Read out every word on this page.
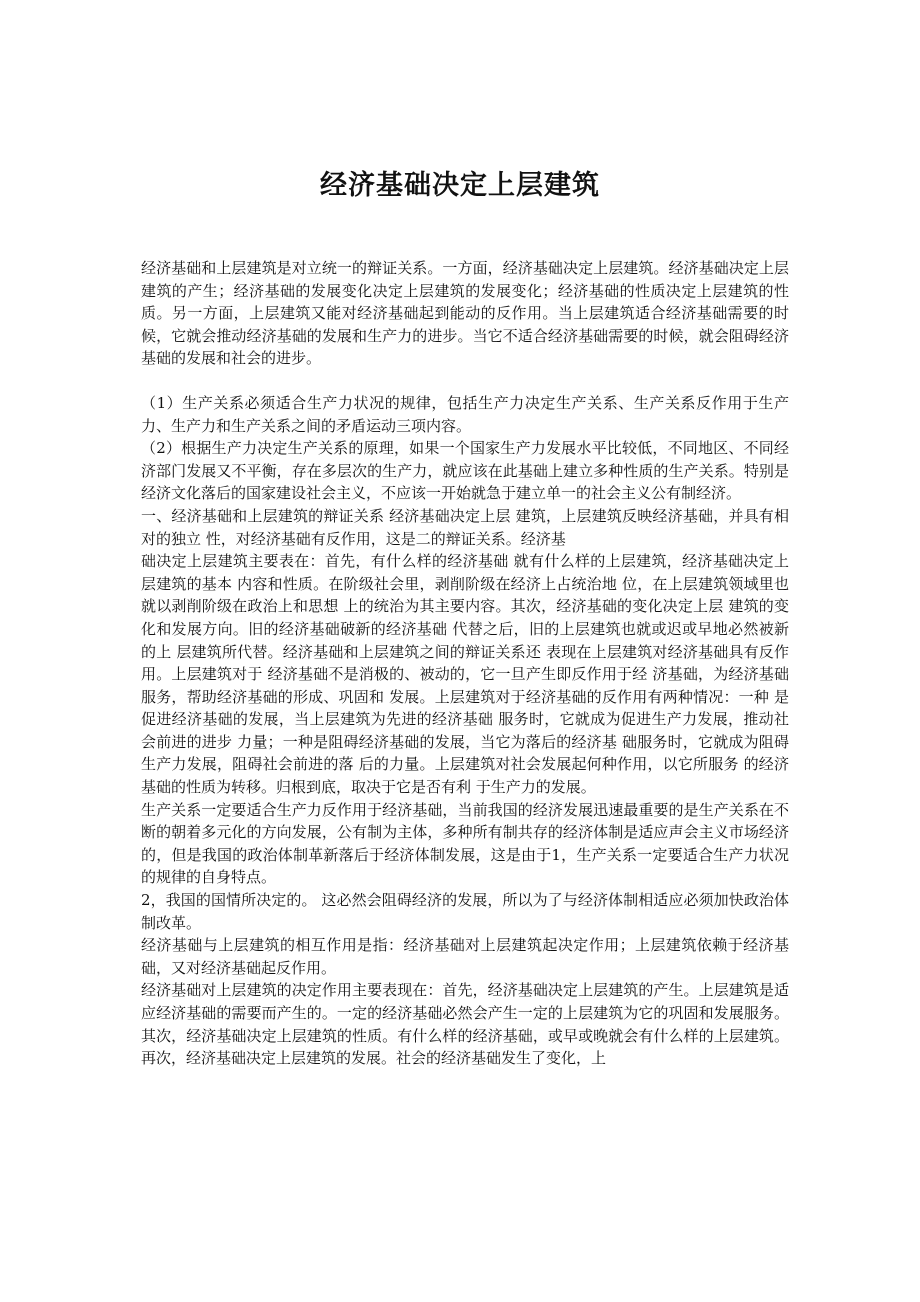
经济基础决定上层建筑

经济基础和上层建筑是对立统一的辩证关系。一方面，经济基础决定上层建筑。经济基础决定上层建筑的产生；经济基础的发展变化决定上层建筑的发展变化；经济基础的性质决定上层建筑的性质。另一方面，上层建筑又能对经济基础起到能动的反作用。当上层建筑适合经济基础需要的时候，它就会推动经济基础的发展和生产力的进步。当它不适合经济基础需要的时候，就会阻碍经济基础的发展和社会的进步。

（1）生产关系必须适合生产力状况的规律，包括生产力决定生产关系、生产关系反作用于生产力、生产力和生产关系之间的矛盾运动三项内容。

（2）根据生产力决定生产关系的原理，如果一个国家生产力发展水平比较低，不同地区、不同经济部门发展又不平衡，存在多层次的生产力，就应该在此基础上建立多种性质的生产关系。特别是经济文化落后的国家建设社会主义，不应该一开始就急于建立单一的社会主义公有制经济。

一、经济基础和上层建筑的辩证关系 经济基础决定上层 建筑，上层建筑反映经济基础，并具有相对的独立 性，对经济基础有反作用，这是二的辩证关系。经济基

础决定上层建筑主要表在：首先，有什么样的经济基础 就有什么样的上层建筑，经济基础决定上层建筑的基本 内容和性质。在阶级社会里，剥削阶级在经济上占统治地 位，在上层建筑领域里也就以剥削阶级在政治上和思想 上的统治为其主要内容。其次，经济基础的变化决定上层 建筑的变化和发展方向。旧的经济基础破新的经济基础 代替之后，旧的上层建筑也就或迟或早地必然被新的上 层建筑所代替。经济基础和上层建筑之间的辩证关系还 表现在上层建筑对经济基础具有反作用。上层建筑对于 经济基础不是消极的、被动的，它一旦产生即反作用于经 济基础，为经济基础服务，帮助经济基础的形成、巩固和 发展。上层建筑对于经济基础的反作用有两种情况：一种 是促进经济基础的发展，当上层建筑为先进的经济基础 服务时，它就成为促进生产力发展，推动社会前进的进步 力量；一种是阻碍经济基础的发展，当它为落后的经济基 础服务时，它就成为阻碍生产力发展，阻碍社会前进的落 后的力量。上层建筑对社会发展起何种作用，以它所服务 的经济基础的性质为转移。归根到底，取决于它是否有利 于生产力的发展。

生产关系一定要适合生产力反作用于经济基础，当前我国的经济发展迅速最重要的是生产关系在不断的朝着多元化的方向发展，公有制为主体，多种所有制共存的经济体制是适应声会主义市场经济的，但是我国的政治体制革新落后于经济体制发展，这是由于1，生产关系一定要适合生产力状况的规律的自身特点。

2，我国的国情所决定的。 这必然会阻碍经济的发展，所以为了与经济体制相适应必须加快政治体制改革。

经济基础与上层建筑的相互作用是指：经济基础对上层建筑起决定作用；上层建筑依赖于经济基础，又对经济基础起反作用。

经济基础对上层建筑的决定作用主要表现在：首先，经济基础决定上层建筑的产生。上层建筑是适应经济基础的需要而产生的。一定的经济基础必然会产生一定的上层建筑为它的巩固和发展服务。其次，经济基础决定上层建筑的性质。有什么样的经济基础，或早或晚就会有什么样的上层建筑。再次，经济基础决定上层建筑的发展。社会的经济基础发生了变化，上
